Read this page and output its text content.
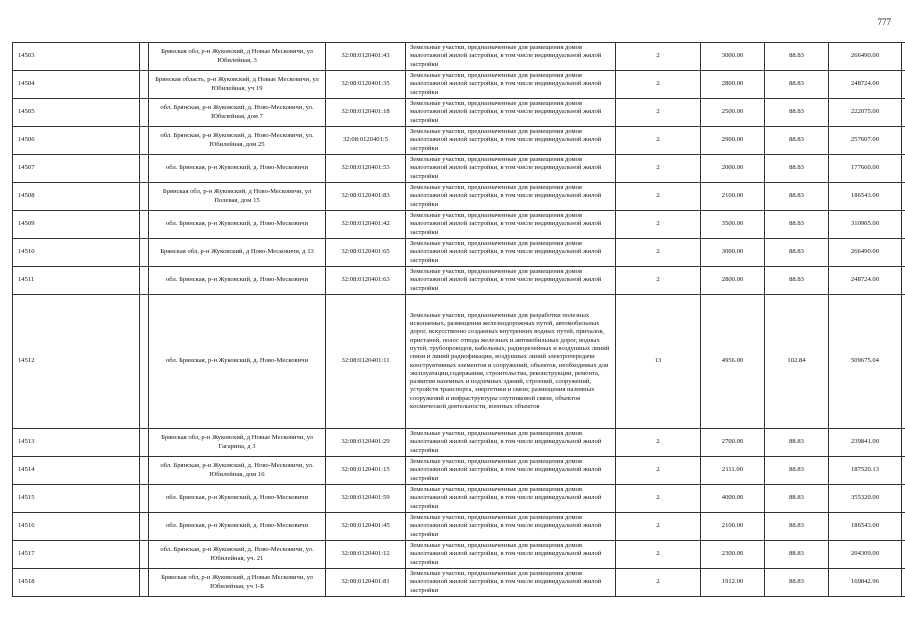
777
14503		Брянская обл, р-н Жуковский, д Новые Месковичи, ул Юбилейная, 3	32:08:0120401:43	Земельные участки, предназначенные для размещения домов малоэтажной жилой застройки, в том числе индивидуальной жилой застройки	2	3000.00	88.83	266490.00	
14504		Брянская область, р-н Жуковский, д Новые Месковичи, ул Юбилейная, уч 19	32:08:0120401:35	Земельные участки, предназначенные для размещения домов малоэтажной жилой застройки, в том числе индивидуальной жилой застройки	2	2800.00	88.83	248724.00	
14505		обл. Брянская, р-н Жуковский, д. Ново-Месковичи, ул. Юбилейная, дом 7	32:08:0120401:18	Земельные участки, предназначенные для размещения домов малоэтажной жилой застройки, в том числе индивидуальной жилой застройки	2	2500.00	88.83	222075.00	
14506		обл. Брянская, р-н Жуковский, д. Ново-Месковичи, ул. Юбилейная, дом 25	32:08:0120401:5	Земельные участки, предназначенные для размещения домов малоэтажной жилой застройки, в том числе индивидуальной жилой застройки	2	2900.00	88.83	257607.00	
14507		обл. Брянская, р-н Жуковский, д. Ново-Месковичи	32:08:0120401:53	Земельные участки, предназначенные для размещения домов малоэтажной жилой застройки, в том числе индивидуальной жилой застройки	2	2000.00	88.83	177660.00	
14508		Брянская обл, р-н Жуковский, д Ново-Месковичи, ул Полевая, дом 15	32:08:0120401:83	Земельные участки, предназначенные для размещения домов малоэтажной жилой застройки, в том числе индивидуальной жилой застройки	2	2100.00	88.83	186543.00	
14509		обл. Брянская, р-н Жуковский, д. Ново-Месковичи	32:08:0120401:42	Земельные участки, предназначенные для размещения домов малоэтажной жилой застройки, в том числе индивидуальной жилой застройки	2	3500.00	88.83	310905.00	
14510		Брянская обл, р-н Жуковский, д Ново-Месковичи, д 13	32:08:0120401:65	Земельные участки, предназначенные для размещения домов малоэтажной жилой застройки, в том числе индивидуальной жилой застройки	2	3000.00	88.83	266490.00	
14511		обл. Брянская, р-н Жуковский, д. Ново-Месковичи	32:08:0120401:63	Земельные участки, предназначенные для размещения домов малоэтажной жилой застройки, в том числе индивидуальной жилой застройки	2	2800.00	88.83	248724.00	
14512		обл. Брянская, р-н Жуковский, д. Ново-Месковичи	32:08:0120401:11	Земельные участки, предназначенные для разработки полезных ископаемых, размещения железнодорожных путей, автомобильных дорог, искусственно созданных внутренних водных путей, причалов, пристаней, полос отвода железных и автомобильных дорог, водных путей, трубопроводов, кабельных, радиорелейных и воздушных линий связи и линий радиофикации, воздушных линий электропередачи конструктивных элементов и сооружений, объектов, необходимых для эксплуатации,содержания, строительства, реконструкции, ремонта, развития наземных и подземных зданий, строений, сооружений, устройств транспорта, энергетики и связи; размещения наземных сооружений и инфраструктуры спутниковой связи, объектов космической деятельности, военных объектов	13	4956.00	102.84	509675.04	
14513		Брянская обл, р-н Жуковский, д Новые Месковичи, ул Гагарина, д 3	32:08:0120401:29	Земельные участки, предназначенные для размещения домов малоэтажной жилой застройки, в том числе индивидуальной жилой застройки	2	2700.00	88.83	239841.00	
14514		обл. Брянская, р-н Жуковский, д. Ново-Месковичи, ул. Юбилейная, дом 16	32:08:0120401:15	Земельные участки, предназначенные для размещения домов малоэтажной жилой застройки, в том числе индивидуальной жилой застройки	2	2111.00	88.83	187520.13	
14515		обл. Брянская, р-н Жуковский, д. Ново-Месковичи	32:08:0120401:59	Земельные участки, предназначенные для размещения домов малоэтажной жилой застройки, в том числе индивидуальной жилой застройки	2	4000.00	88.83	355320.00	
14516		обл. Брянская, р-н Жуковский, д. Ново-Месковичи	32:08:0120401:45	Земельные участки, предназначенные для размещения домов малоэтажной жилой застройки, в том числе индивидуальной жилой застройки	2	2100.00	88.83	186543.00	
14517		обл. Брянская, р-н Жуковский, д. Ново-Месковичи, ул. Юбилейная, уч. 21	32:08:0120401:12	Земельные участки, предназначенные для размещения домов малоэтажной жилой застройки, в том числе индивидуальной жилой застройки	2	2300.00	88.83	204309.00	
14518		Брянская обл, р-н Жуковский, д Новые Месковичи, ул Юбилейная, уч 1-Б	32:08:0120401:81	Земельные участки, предназначенные для размещения домов малоэтажной жилой застройки, в том числе индивидуальной жилой застройки	2	1912.00	88.83	169842.96	
